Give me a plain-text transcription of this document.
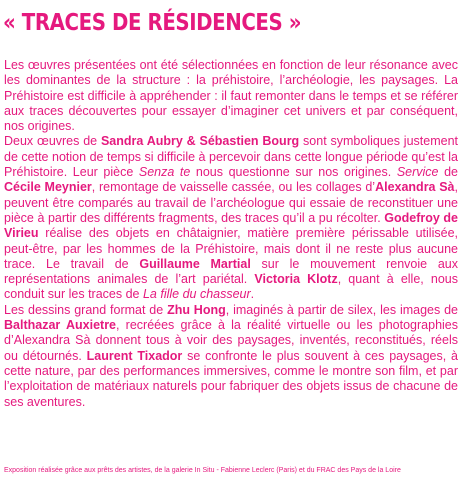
« TRACES DE RÉSIDENCES »

Les œuvres présentées ont été sélectionnées en fonction de leur résonance avec les dominantes de la structure : la préhistoire, l’archéologie, les paysages. La Préhistoire est difficile à appréhender : il faut remonter dans le temps et se référer aux traces découvertes pour essayer d’imaginer cet univers et par conséquent, nos origines.

Deux œuvres de Sandra Aubry & Sébastien Bourg sont symboliques justement de cette notion de temps si difficile à percevoir dans cette longue période qu’est la Préhistoire. Leur pièce Senza te nous questionne sur nos origines. Service de Cécile Meynier, remontage de vaisselle cassée, ou les collages d’Alexandra Sà, peuvent être comparés au travail de l’archéologue qui essaie de reconstituer une pièce à partir des différents fragments, des traces qu’il a pu récolter. Godefroy de Virieu réalise des objets en châtaignier, matière première périssable utilisée, peut-être, par les hommes de la Préhistoire, mais dont il ne reste plus aucune trace. Le travail de Guillaume Martial sur le mouvement renvoie aux représentations animales de l’art pariétal. Victoria Klotz, quant à elle, nous conduit sur les traces de La fille du chasseur.

Les dessins grand format de Zhu Hong, imaginés à partir de silex, les images de Balthazar Auxietre, recréées grâce à la réalité virtuelle ou les photographies d’Alexandra Sà donnent tous à voir des paysages, inventés, reconstitués, réels ou détournés. Laurent Tixador se confronte le plus souvent à ces paysages, à cette nature, par des performances immersives, comme le montre son film, et par l’exploitation de matériaux naturels pour fabriquer des objets issus de chacune de ses aventures.

Exposition réalisée grâce aux prêts des artistes, de la galerie In Situ - Fabienne Leclerc (Paris) et du FRAC des Pays de la Loire
